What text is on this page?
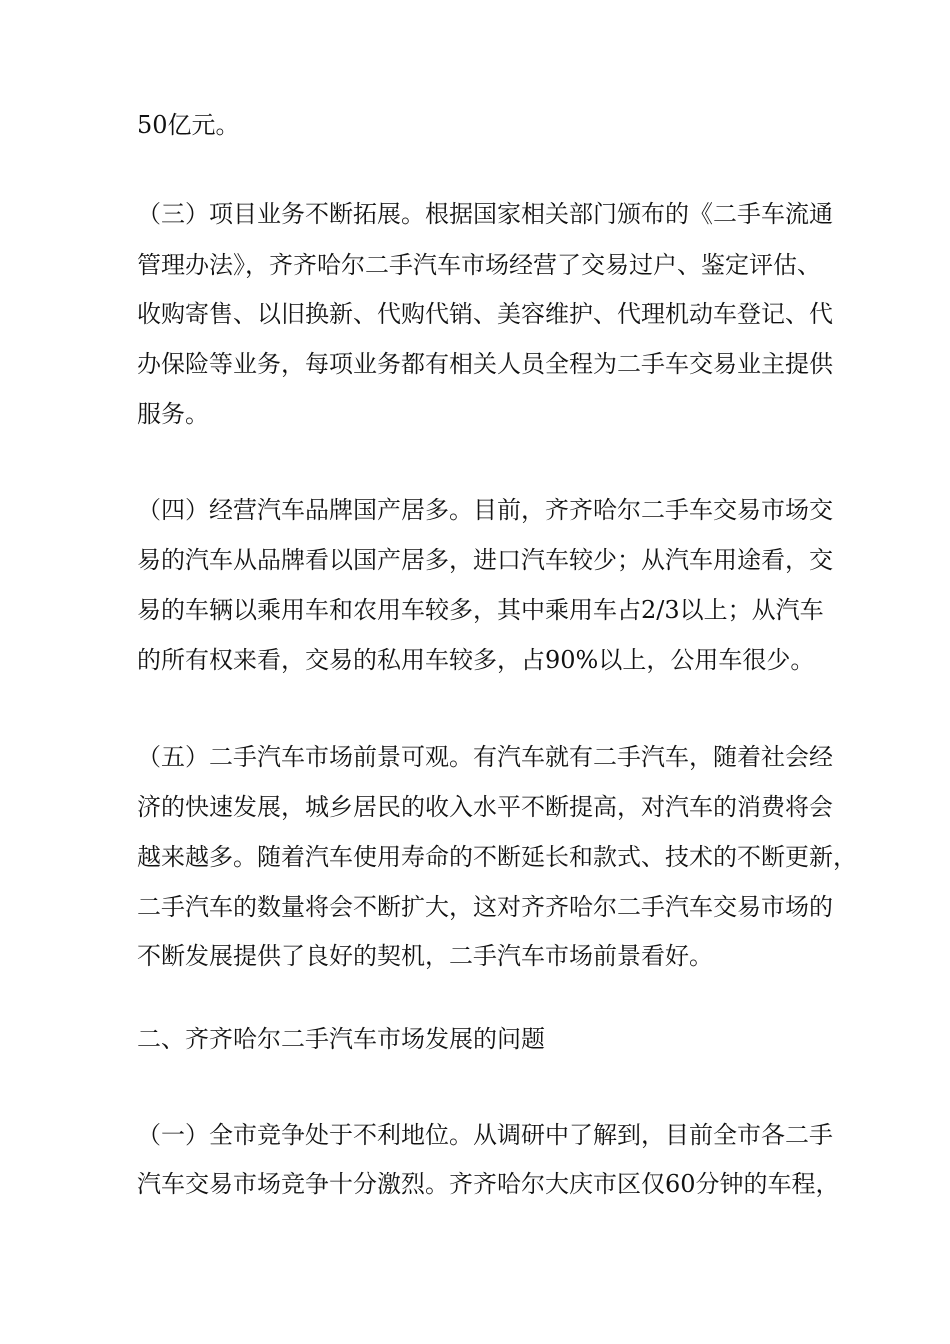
50亿元。

（三）项目业务不断拓展。根据国家相关部门颁布的《二手车流通

管理办法》，齐齐哈尔二手汽车市场经营了交易过户、鉴定评估、

收购寄售、以旧换新、代购代销、美容维护、代理机动车登记、代

办保险等业务，每项业务都有相关人员全程为二手车交易业主提供

服务。

（四）经营汽车品牌国产居多。目前，齐齐哈尔二手车交易市场交

易的汽车从品牌看以国产居多，进口汽车较少；从汽车用途看，交

易的车辆以乘用车和农用车较多，其中乘用车占2/3以上；从汽车

的所有权来看，交易的私用车较多，占90%以上，公用车很少。

（五）二手汽车市场前景可观。有汽车就有二手汽车，随着社会经

济的快速发展，城乡居民的收入水平不断提高，对汽车的消费将会

越来越多。随着汽车使用寿命的不断延长和款式、技术的不断更新，

二手汽车的数量将会不断扩大，这对齐齐哈尔二手汽车交易市场的

不断发展提供了良好的契机，二手汽车市场前景看好。

二、齐齐哈尔二手汽车市场发展的问题

（一）全市竞争处于不利地位。从调研中了解到，目前全市各二手

汽车交易市场竞争十分激烈。齐齐哈尔大庆市区仅60分钟的车程，
